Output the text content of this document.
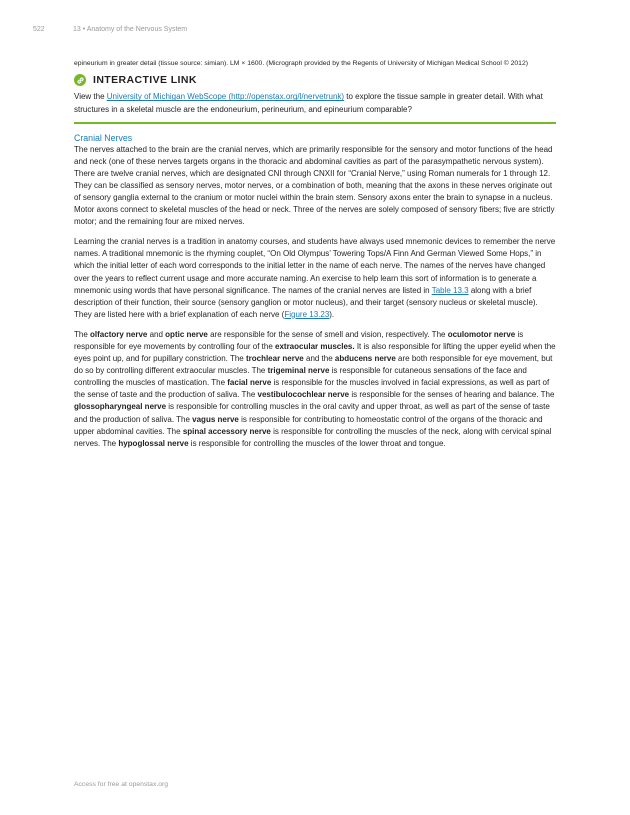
522	13 • Anatomy of the Nervous System

epineurium in greater detail (tissue source: simian). LM × 1600. (Micrograph provided by the Regents of University of Michigan Medical School © 2012)

INTERACTIVE LINK

View the University of Michigan WebScope (http://openstax.org/l/nervetrunk) to explore the tissue sample in greater detail. With what structures in a skeletal muscle are the endoneurium, perineurium, and epineurium comparable?

Cranial Nerves

The nerves attached to the brain are the cranial nerves, which are primarily responsible for the sensory and motor functions of the head and neck (one of these nerves targets organs in the thoracic and abdominal cavities as part of the parasympathetic nervous system). There are twelve cranial nerves, which are designated CNI through CNXII for “Cranial Nerve,” using Roman numerals for 1 through 12. They can be classified as sensory nerves, motor nerves, or a combination of both, meaning that the axons in these nerves originate out of sensory ganglia external to the cranium or motor nuclei within the brain stem. Sensory axons enter the brain to synapse in a nucleus. Motor axons connect to skeletal muscles of the head or neck. Three of the nerves are solely composed of sensory fibers; five are strictly motor; and the remaining four are mixed nerves.

Learning the cranial nerves is a tradition in anatomy courses, and students have always used mnemonic devices to remember the nerve names. A traditional mnemonic is the rhyming couplet, “On Old Olympus’ Towering Tops/A Finn And German Viewed Some Hops,” in which the initial letter of each word corresponds to the initial letter in the name of each nerve. The names of the nerves have changed over the years to reflect current usage and more accurate naming. An exercise to help learn this sort of information is to generate a mnemonic using words that have personal significance. The names of the cranial nerves are listed in Table 13.3 along with a brief description of their function, their source (sensory ganglion or motor nucleus), and their target (sensory nucleus or skeletal muscle). They are listed here with a brief explanation of each nerve (Figure 13.23).

The olfactory nerve and optic nerve are responsible for the sense of smell and vision, respectively. The oculomotor nerve is responsible for eye movements by controlling four of the extraocular muscles. It is also responsible for lifting the upper eyelid when the eyes point up, and for pupillary constriction. The trochlear nerve and the abducens nerve are both responsible for eye movement, but do so by controlling different extraocular muscles. The trigeminal nerve is responsible for cutaneous sensations of the face and controlling the muscles of mastication. The facial nerve is responsible for the muscles involved in facial expressions, as well as part of the sense of taste and the production of saliva. The vestibulocochlear nerve is responsible for the senses of hearing and balance. The glossopharyngeal nerve is responsible for controlling muscles in the oral cavity and upper throat, as well as part of the sense of taste and the production of saliva. The vagus nerve is responsible for contributing to homeostatic control of the organs of the thoracic and upper abdominal cavities. The spinal accessory nerve is responsible for controlling the muscles of the neck, along with cervical spinal nerves. The hypoglossal nerve is responsible for controlling the muscles of the lower throat and tongue.

Access for free at openstax.org
